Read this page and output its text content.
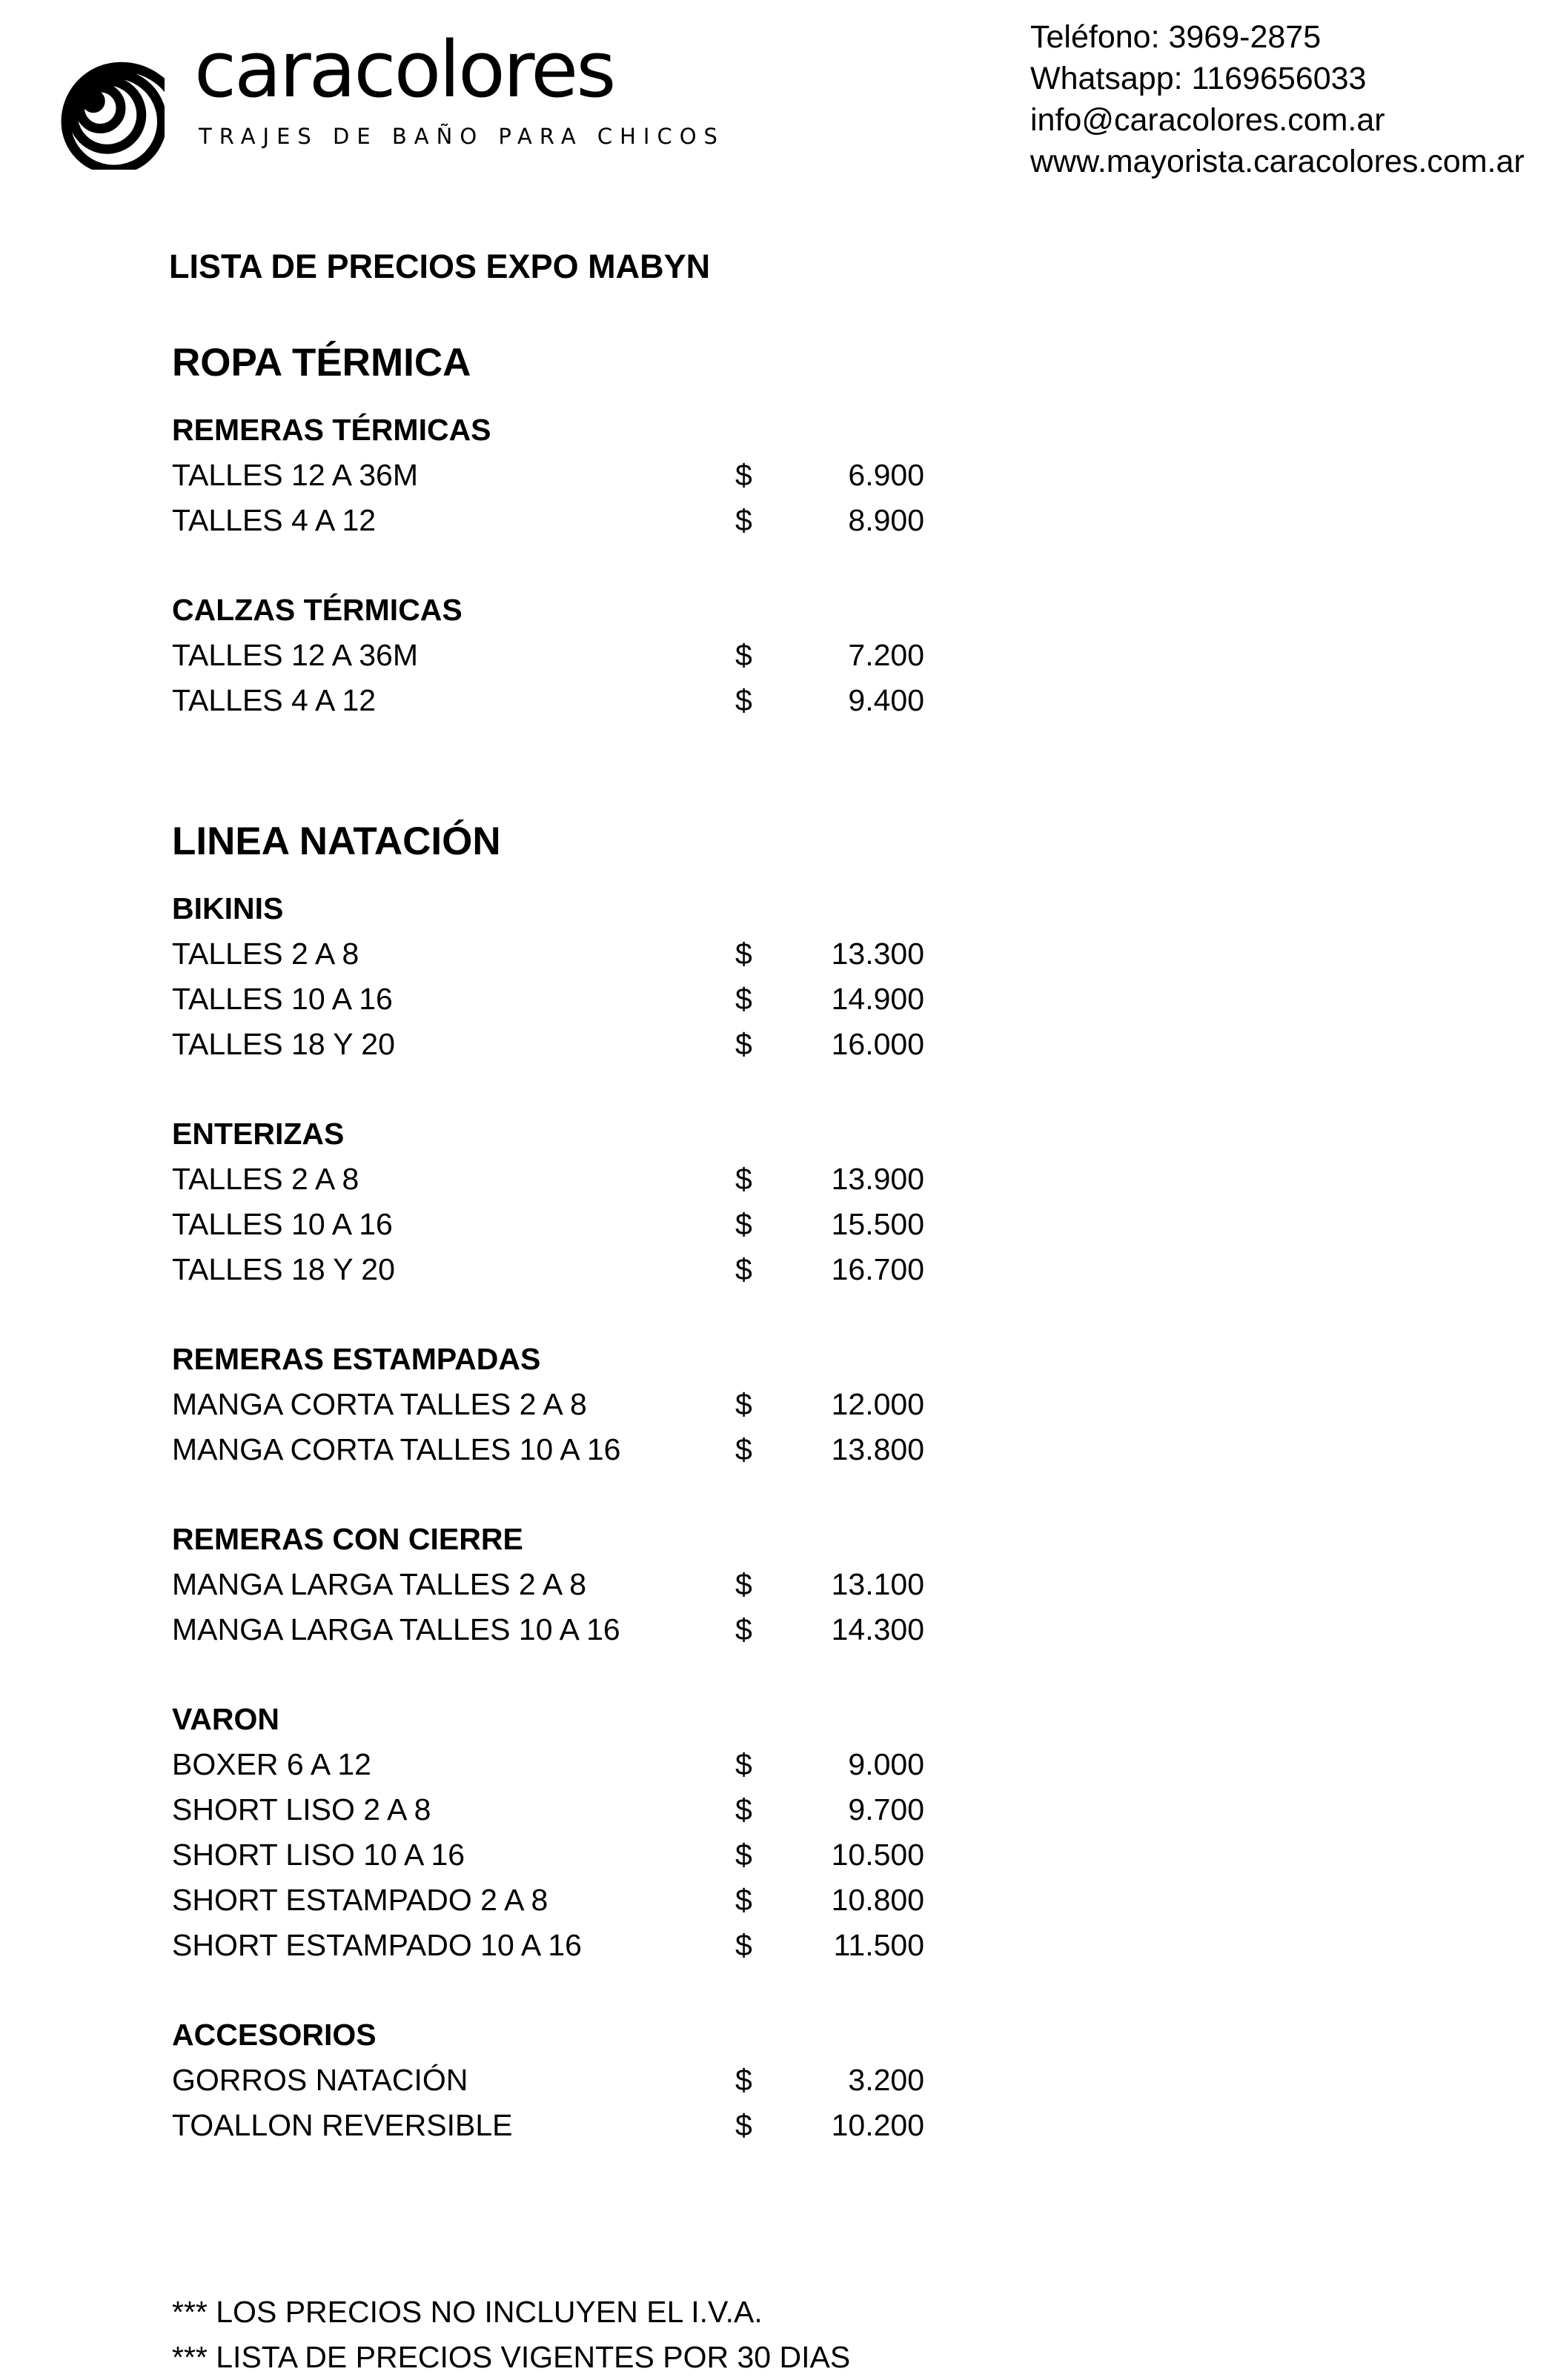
caracolores
TRAJES DE BAÑO PARA CHICOS
Teléfono: 3969-2875
Whatsapp: 1169656033
info@caracolores.com.ar
www.mayorista.caracolores.com.ar
LISTA DE PRECIOS EXPO MABYN
ROPA TÉRMICA
REMERAS TÉRMICAS
TALLES 12 A 36M	$	6.900
TALLES 4 A 12	$	8.900
CALZAS TÉRMICAS
TALLES 12 A 36M	$	7.200
TALLES 4 A 12	$	9.400
LINEA NATACIÓN
BIKINIS
TALLES 2 A 8	$	13.300
TALLES 10 A 16	$	14.900
TALLES 18 Y 20	$	16.000
ENTERIZAS
TALLES 2 A 8	$	13.900
TALLES 10 A 16	$	15.500
TALLES 18 Y 20	$	16.700
REMERAS ESTAMPADAS
MANGA CORTA TALLES 2 A 8	$	12.000
MANGA CORTA TALLES 10 A 16	$	13.800
REMERAS CON CIERRE
MANGA LARGA TALLES 2 A 8	$	13.100
MANGA LARGA TALLES 10 A 16	$	14.300
VARON
BOXER 6 A 12	$	9.000
SHORT LISO 2 A 8	$	9.700
SHORT LISO 10 A 16	$	10.500
SHORT ESTAMPADO 2 A 8	$	10.800
SHORT ESTAMPADO 10 A 16	$	11.500
ACCESORIOS
GORROS NATACIÓN	$	3.200
TOALLON REVERSIBLE	$	10.200
*** LOS PRECIOS NO INCLUYEN EL I.V.A.
*** LISTA DE PRECIOS VIGENTES POR 30 DIAS
